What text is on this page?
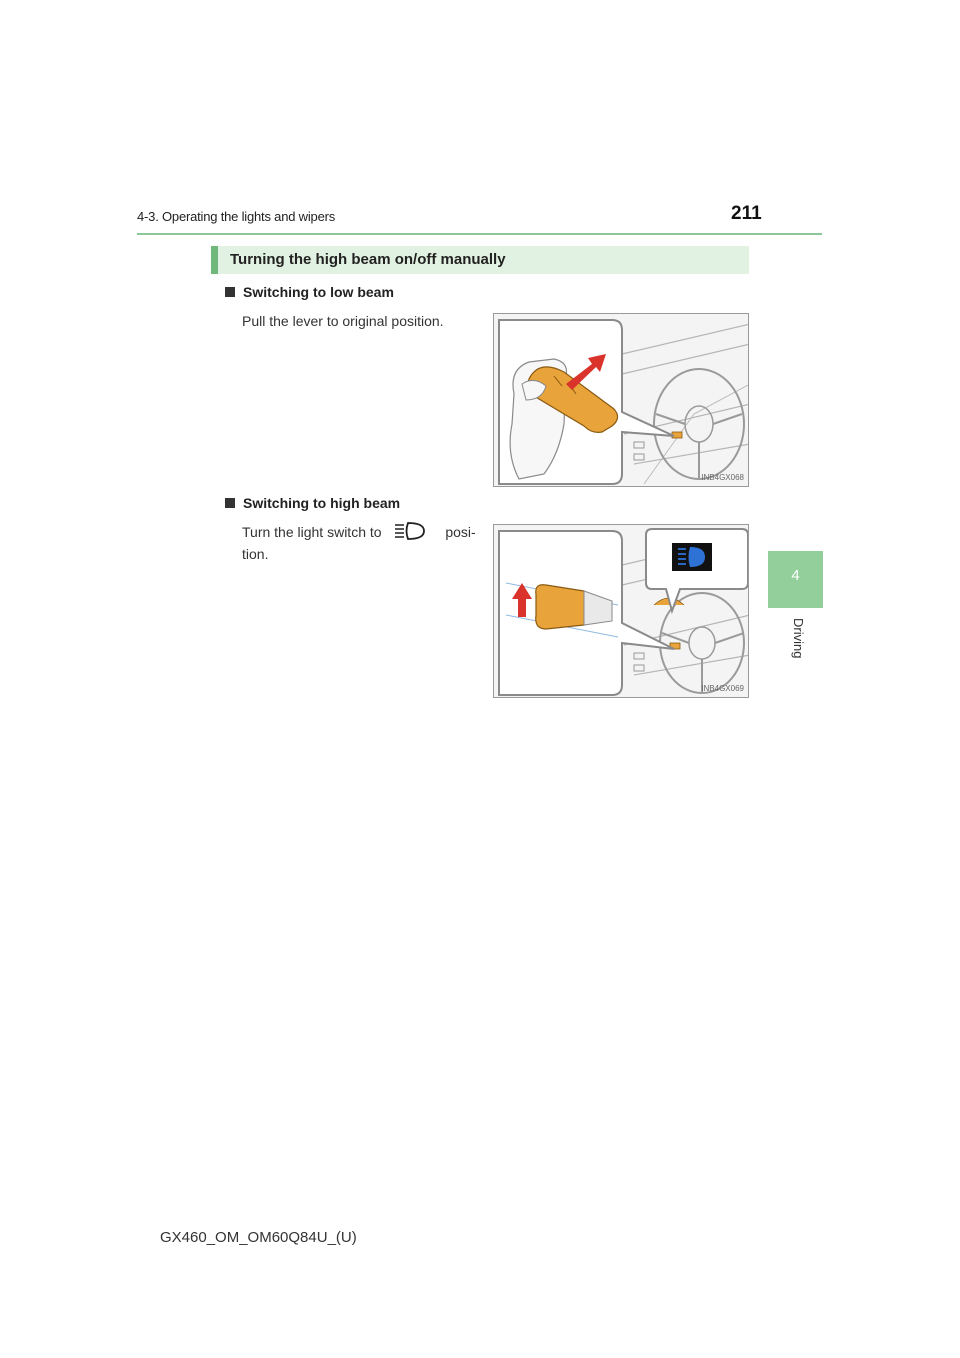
4-3. Operating the lights and wipers	211
4
Driving
Turning the high beam on/off manually
Switching to low beam
Pull the lever to original position.
INB4GX068
Switching to high beam
Turn the light switch to	posi-
tion.
INB4GX069
GX460_OM_OM60Q84U_(U)
